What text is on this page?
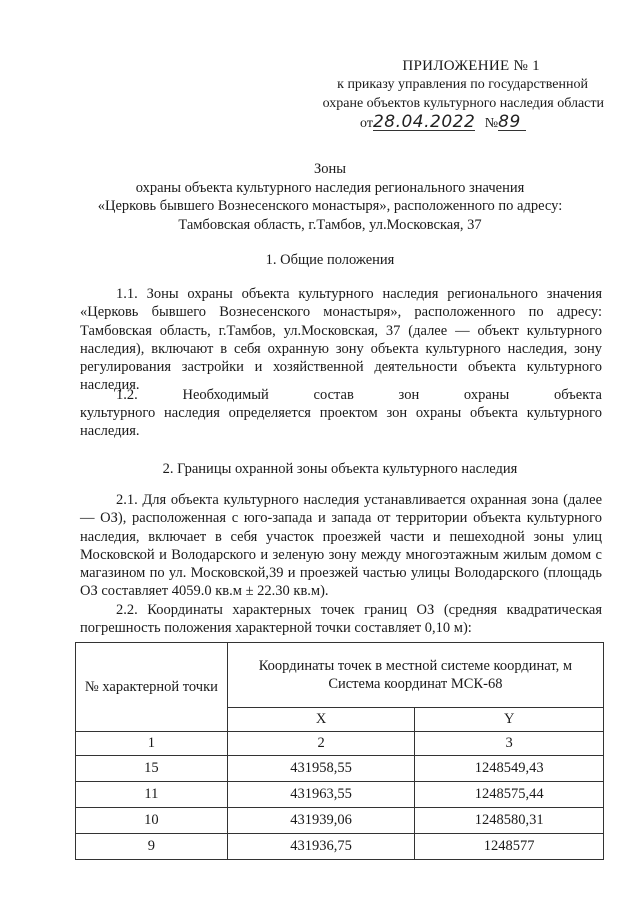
ПРИЛОЖЕНИЕ № 1
к приказу управления по государственной
охране объектов культурного наследия области
от28.04.2022 №89
Зоны
охраны объекта культурного наследия регионального значения
«Церковь бывшего Вознесенского монастыря», расположенного по адресу:
Тамбовская область, г.Тамбов, ул.Московская, 37
1. Общие положения
1.1. Зоны охраны объекта культурного наследия регионального значения «Церковь бывшего Вознесенского монастыря», расположенного по адресу: Тамбовская область, г.Тамбов, ул.Московская, 37 (далее — объект культурного наследия), включают в себя охранную зону объекта культурного наследия, зону регулирования застройки и хозяйственной деятельности объекта культурного наследия.
1.2. Необходимый состав зон охраны объекта
культурного наследия определяется проектом зон охраны объекта культурного наследия.
2. Границы охранной зоны объекта культурного наследия
2.1. Для объекта культурного наследия устанавливается охранная зона (далее — ОЗ), расположенная с юго-запада и запада от территории объекта культурного наследия, включает в себя участок проезжей части и пешеходной зоны улиц Московской и Володарского и зеленую зону между многоэтажным жилым домом с магазином по ул. Московской,39 и проезжей частью улицы Володарского (площадь ОЗ составляет 4059.0 кв.м ± 22.30 кв.м).
2.2. Координаты характерных точек границ ОЗ (средняя квадратическая погрешность положения характерной точки составляет 0,10 м):
№ характерной точки	Координаты точек в местной системе координат, м
Система координат МСК-68	

	X	Y
1	2	3
15	431958,55	1248549,43
11	431963,55	1248575,44
10	431939,06	1248580,31
9	431936,75	1248577
